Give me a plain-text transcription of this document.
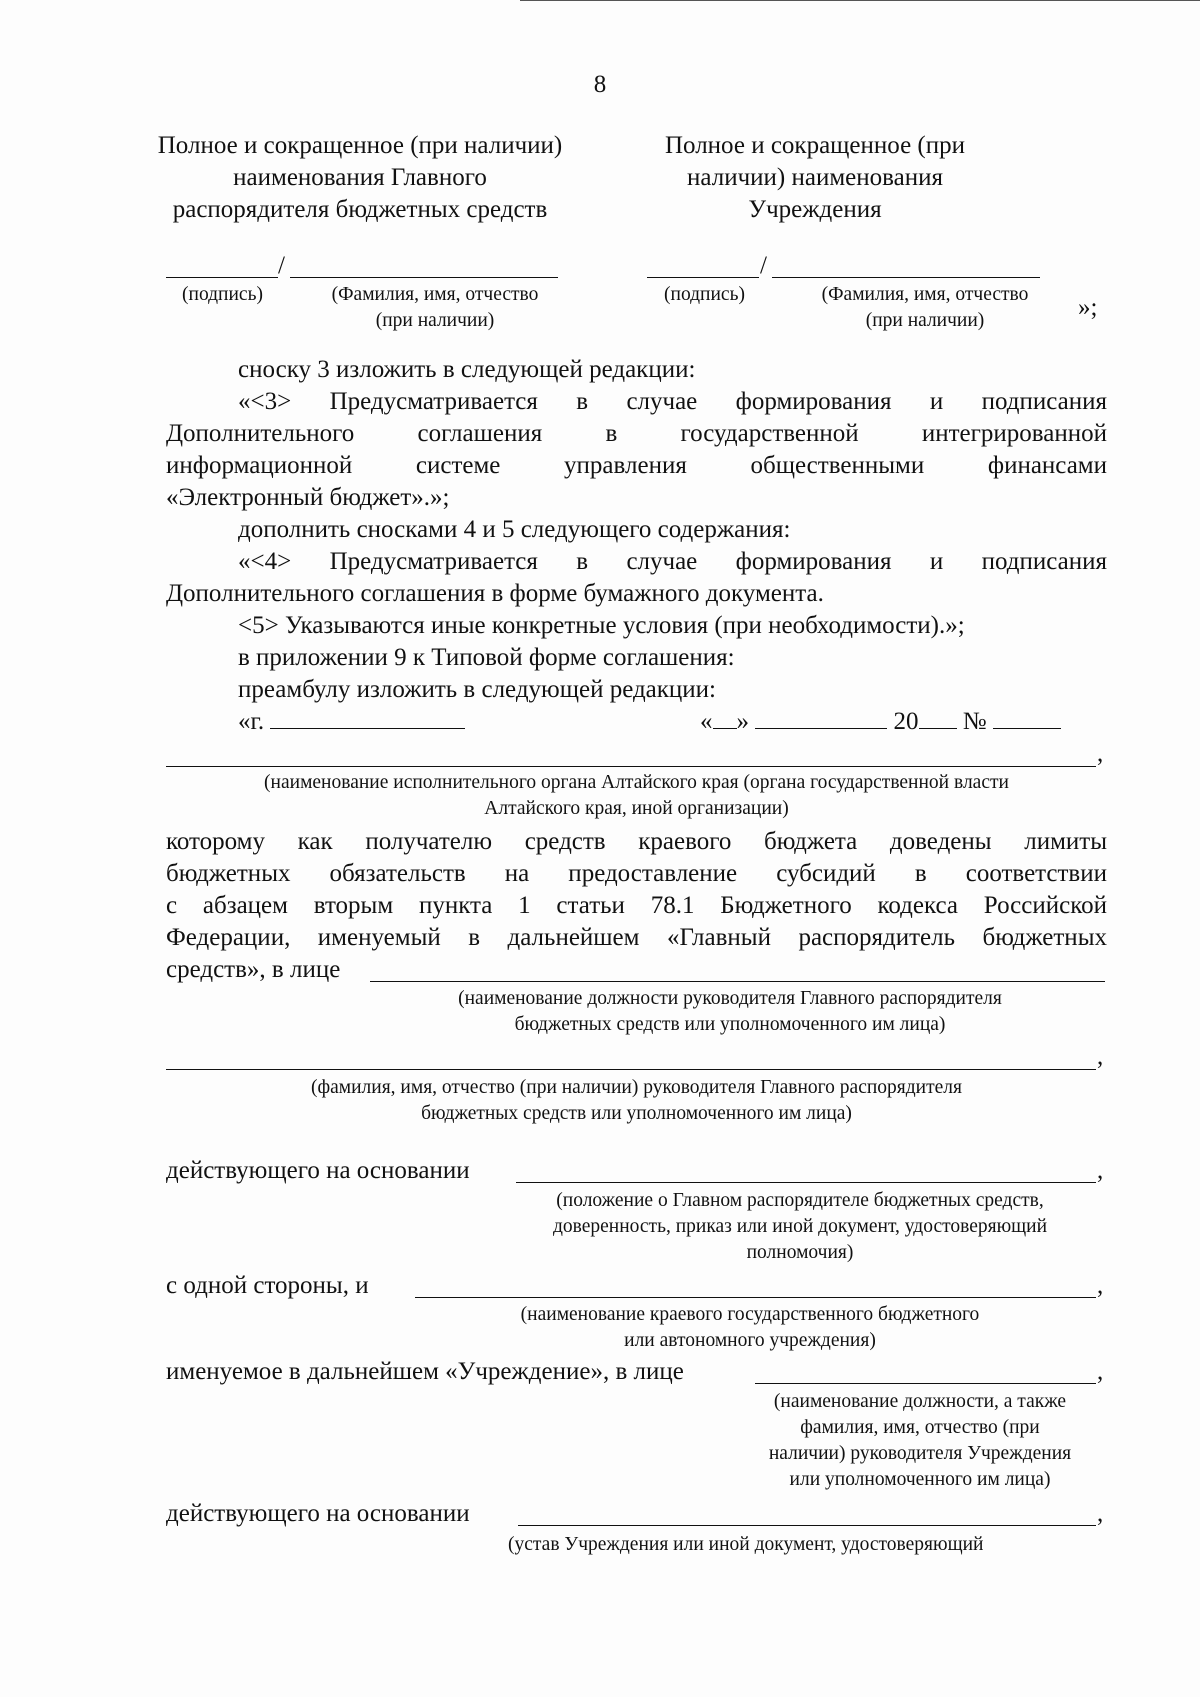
8
Полное и сокращенное (при наличии)
наименования Главного
распорядителя бюджетных средств
Полное и сокращенное (при
наличии) наименования
Учреждения
/	/
(подпись)	(Фамилия, имя, отчество
(при наличии)
(подпись)	(Фамилия, имя, отчество
(при наличии)	»;
сноску 3 изложить в следующей редакции:
«<3> Предусматривается в случае формирования и подписания
Дополнительного соглашения в государственной интегрированной
информационной системе управления общественными финансами
«Электронный бюджет».»;
дополнить сносками 4 и 5 следующего содержания:
«<4> Предусматривается в случае формирования и подписания
Дополнительного соглашения в форме бумажного документа.
<5> Указываются иные конкретные условия (при необходимости).»;
в приложении 9 к Типовой форме соглашения:
преамбулу изложить в следующей редакции:
«г.	« »	20 №
,
(наименование исполнительного органа Алтайского края (органа государственной власти
Алтайского края, иной организации)
которому как получателю средств краевого бюджета доведены лимиты
бюджетных обязательств на предоставление субсидий в соответствии
с абзацем вторым пункта 1 статьи 78.1 Бюджетного кодекса Российской
Федерации, именуемый в дальнейшем «Главный распорядитель бюджетных
средств», в лице
(наименование должности руководителя Главного распорядителя
бюджетных средств или уполномоченного им лица)
,
(фамилия, имя, отчество (при наличии) руководителя Главного распорядителя
бюджетных средств или уполномоченного им лица)
действующего на основании	,
(положение о Главном распорядителе бюджетных средств,
доверенность, приказ или иной документ, удостоверяющий
полномочия)
с одной стороны, и	,
(наименование краевого государственного бюджетного
или автономного учреждения)
именуемое в дальнейшем «Учреждение», в лице	,
(наименование должности, а также
фамилия, имя, отчество (при
наличии) руководителя Учреждения
или уполномоченного им лица)
действующего на основании	,
(устав Учреждения или иной документ, удостоверяющий
